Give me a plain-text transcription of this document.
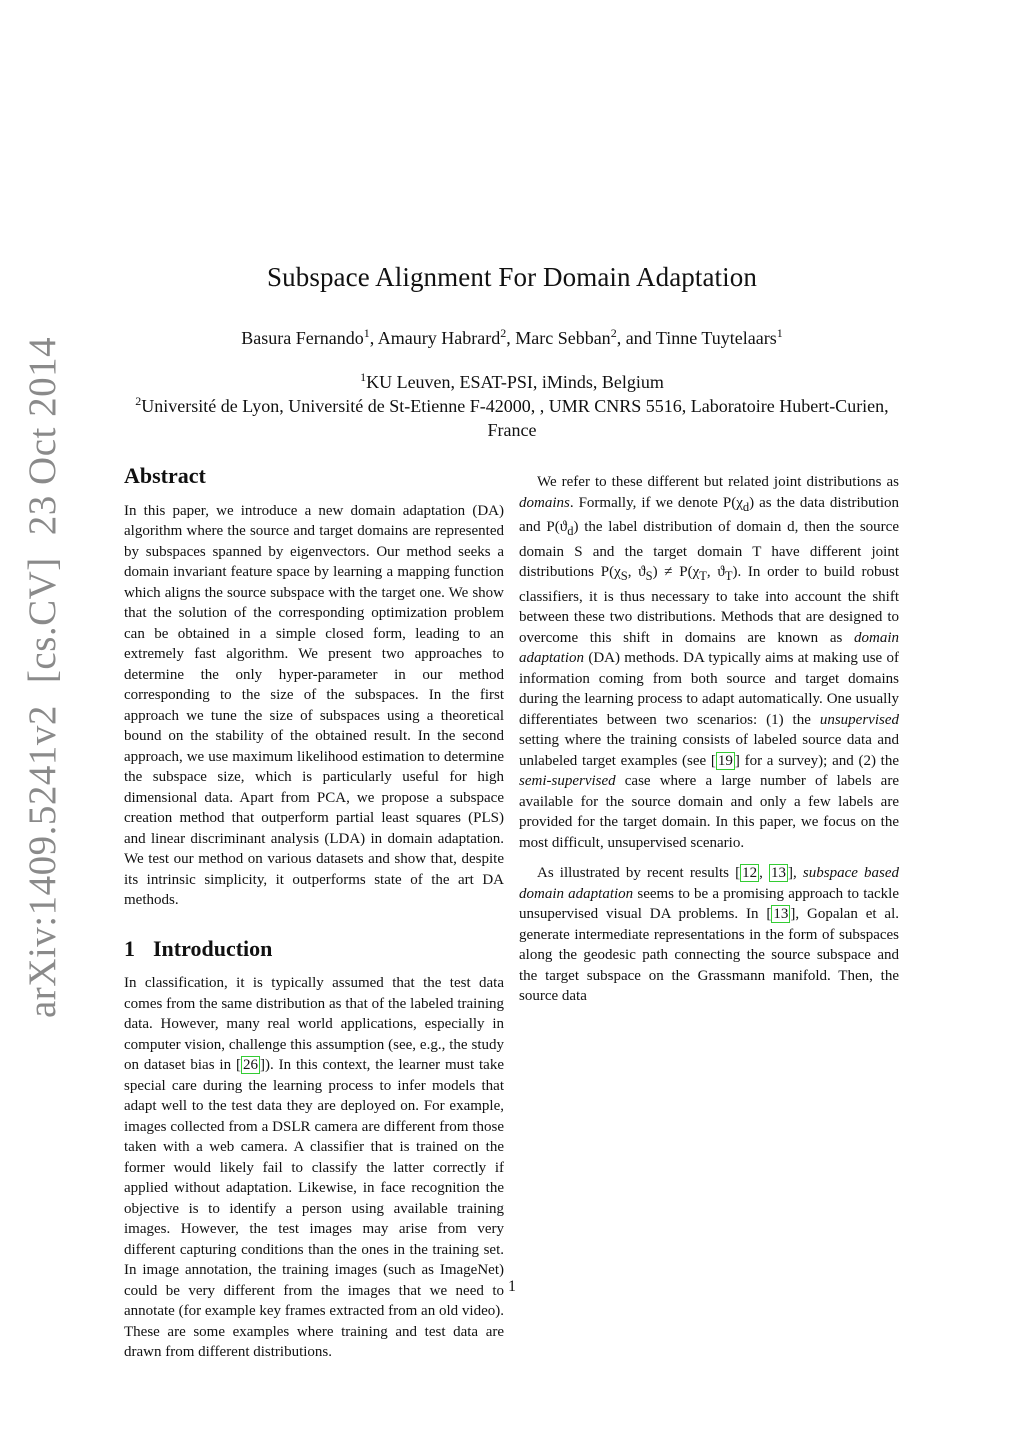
Subspace Alignment For Domain Adaptation
Basura Fernando$^1$, Amaury Habrard$^2$, Marc Sebban$^2$, and Tinne Tuytelaars$^1$
$^1$KU Leuven, ESAT-PSI, iMinds, Belgium
$^2$Université de Lyon, Université de St-Etienne F-42000, , UMR CNRS 5516, Laboratoire Hubert-Curien, France
arXiv:1409.5241v2[cs.CV]23 Oct 2014	Abstract

In this paper, we introduce a new domain adaptation (DA) algorithm where the source and target domains are represented by subspaces spanned by eigenvectors. Our method seeks a domain invariant feature space by learning a mapping function which aligns the source subspace with the target one. We show that the solution of the corresponding optimization problem can be obtained in a simple closed form, leading to an extremely fast algorithm. We present two approaches to determine the only hyper-parameter in our method corresponding to the size of the subspaces. In the first approach we tune the size of subspaces using a theoretical bound on the stability of the obtained result. In the second approach, we use maximum likelihood estimation to determine the subspace size, which is particularly useful for high dimensional data. Apart from PCA, we propose a subspace creation method that outperform partial least squares (PLS) and linear discriminant analysis (LDA) in domain adaptation. We test our method on various datasets and show that, despite its intrinsic simplicity, it outperforms state of the art DA methods.

1 Introduction

In classification, it is typically assumed that the test data comes from the same distribution as that of the labeled training data. However, many real world applications, especially in computer vision, challenge this assumption (see, e.g., the study on dataset bias in [ 26 ]). In this context, the learner must take special care during the learning process to infer models that adapt well to the test data they are deployed on. For example, images collected from a DSLR camera are different from those taken with a web camera. A classifier that is trained on the former would likely fail to classify the latter correctly if applied without adaptation. Likewise, in face recognition the objective is to identify a person using available training images. However, the test images may arise from very different capturing conditions than the ones in the training set. In image annotation, the training images (such as ImageNet) could be very different from the images that we need to annotate (for example key frames extracted from an old video). These are some examples where training and test data are drawn from different distributions.

We refer to these different but related joint distributions as domains. Formally, if we denote $P(\chi_d)$ as the data distribution and $P(ϑ_d)$ the label distribution of domain d, then the source domain S and the target domain T have different joint distributions $P(\chi_S$, $ϑ_S) \ne P(\chi_T$, $ϑ_T$). In order to build robust classifiers, it is thus necessary to take into account the shift between these two distributions. Methods that are designed to overcome this shift in domains are known as domain adaptation (DA) methods. DA typically aims at making use of information coming from both source and target domains during the learning process to adapt automatically. One usually differentiates between two scenarios: (1) the unsupervised setting where the training consists of labeled source data and unlabeled target examples (see [ 19 ] for a survey); and (2) the semi-supervised case where a large number of labels are available for the source domain and only a few labels are provided for the target domain. In this paper, we focus on the most difficult, unsupervised scenario.

As illustrated by recent results [ 12 , 13 ], subspace based domain adaptation seems to be a promising approach to tackle unsupervised visual DA problems. In [ 13 ], Gopalan et al. generate intermediate representations in the form of subspaces along the geodesic path connecting the source subspace and the target subspace on the Grassmann manifold. Then, the source data

1
